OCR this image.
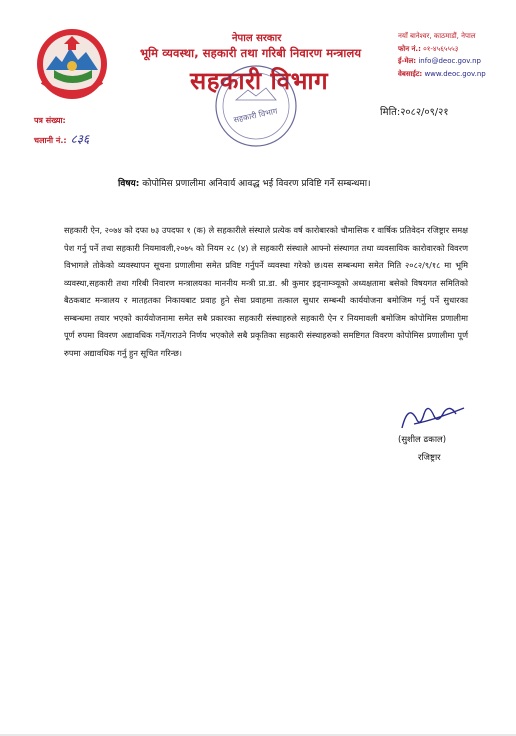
नेपाल सरकार
भूमि व्यवस्था, सहकारी तथा गरिबी निवारण मन्त्रालय
सहकारी विभाग
सहकारी विभाग
नयाँ बानेश्वर, काठमाडौं, नेपाल
फोन नं.: ०१-४५६५५५३
ई-मेल: info@deoc.gov.np
वेबसाईट: www.deoc.gov.np
पत्र संख्या:
चलानी नं.: ८३६
मिति:२०८२/०९/२१
विषय: कोपोमिस प्रणालीमा अनिवार्य आवद्ध भई विवरण प्रविष्टि गर्ने सम्बन्धमा।
सहकारी ऐन, २०७४ को दफा ७३ उपदफा १ (क) ले सहकारीले संस्थाले प्रत्येक वर्ष कारोबारको चौमासिक र वार्षिक प्रतिवेदन रजिष्ट्रार समक्ष पेश गर्नु पर्ने तथा सहकारी नियमावली,२०७५ को नियम २८ (४) ले सहकारी संस्थाले आफ्नो संस्थागत तथा व्यवसायिक कारोवारको विवरण विभागले तोकेको व्यवस्थापन सूचना प्रणालीमा समेत प्रविष्ट गर्नुपर्ने व्यवस्था गरेको छ।यस सम्बन्धमा समेत मिति २०८२/९/१८ मा भूमि व्यवस्था,सहकारी तथा गरिबी निवारण मन्त्रालयका माननीय मन्त्री प्रा.डा. श्री कुमार इङ्नाम्ञ्यूको अध्यक्षतामा बसेको विषयगत समितिको बैठकबाट मन्त्रालय र मातहतका निकायबाट प्रवाह हुने सेवा प्रवाहमा तत्काल सुधार सम्बन्धी कार्ययोजना बमोजिम गर्नु पर्ने सुधारका सम्बन्धमा तयार भएको कार्ययोजनामा समेत सबै प्रकारका सहकारी संस्थाहरुले सहकारी ऐन र नियमावली बमोजिम कोपोमिस प्रणालीमा पूर्ण रुपमा विवरण अद्यावधिक गर्ने/गराउने निर्णय भएकोले सबै प्रकृतिका सहकारी संस्थाहरुको समष्टिगत विवरण कोपोमिस प्रणालीमा पूर्ण रुपमा अद्यावधिक गर्नु हुन सूचित गरिन्छ।
(सुशील ढकाल)
रजिष्ट्रार
